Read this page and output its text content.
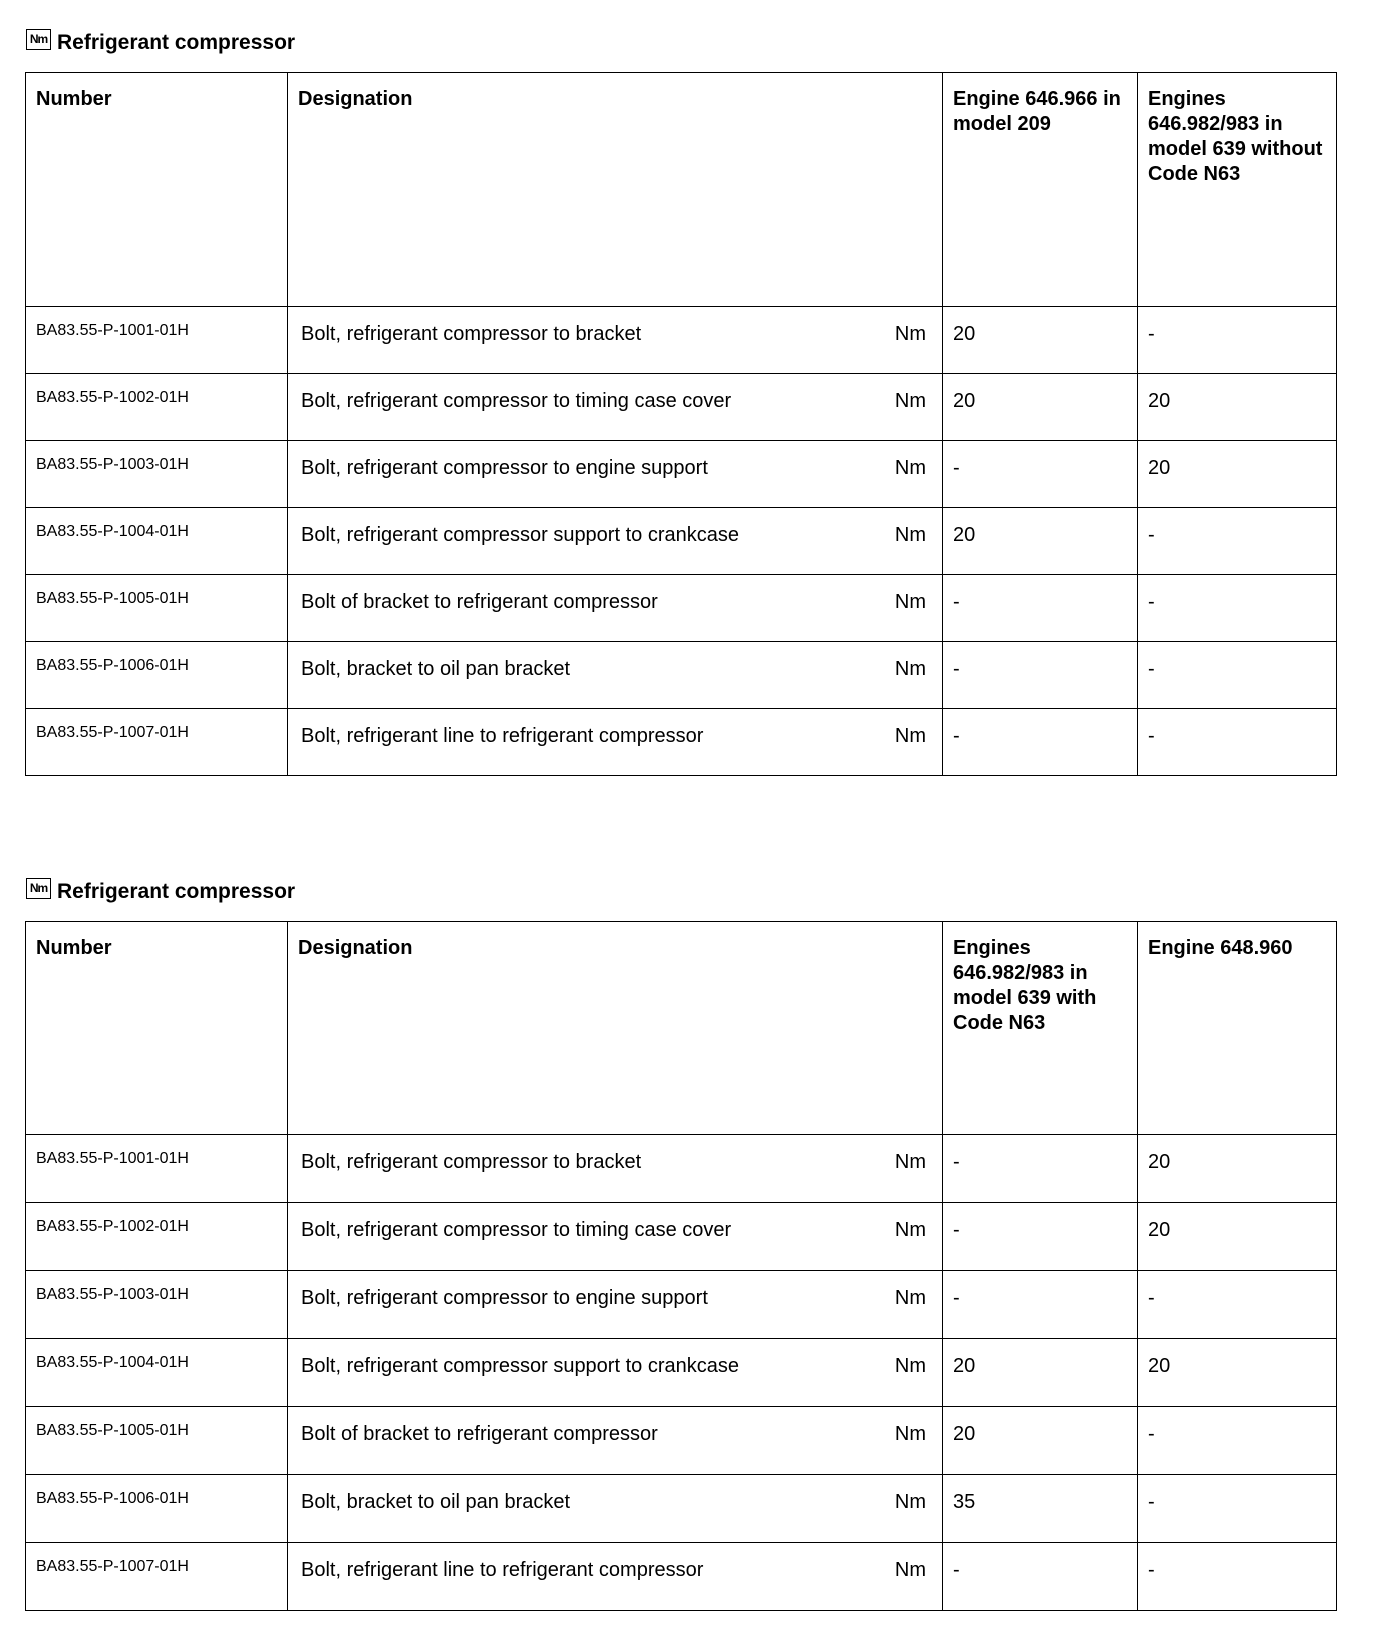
Nm Refrigerant compressor
Number	Designation	Engine 646.966 in model 209	Engines 646.982/983 in model 639 without Code N63

BA83.55-P-1001-01H	Bolt, refrigerant compressor to bracket Nm	20	-

BA83.55-P-1002-01H	Bolt, refrigerant compressor to timing case cover Nm	20	20

BA83.55-P-1003-01H	Bolt, refrigerant compressor to engine support Nm	-	20

BA83.55-P-1004-01H	Bolt, refrigerant compressor support to crankcase Nm	20	-

BA83.55-P-1005-01H	Bolt of bracket to refrigerant compressor Nm	-	-

BA83.55-P-1006-01H	Bolt, bracket to oil pan bracket Nm	-	-

BA83.55-P-1007-01H	Bolt, refrigerant line to refrigerant compressor Nm	-	-
Nm Refrigerant compressor
Number	Designation	Engines 646.982/983 in model 639 with Code N63	Engine 648.960

BA83.55-P-1001-01H	Bolt, refrigerant compressor to bracket Nm	-	20

BA83.55-P-1002-01H	Bolt, refrigerant compressor to timing case cover Nm	-	20

BA83.55-P-1003-01H	Bolt, refrigerant compressor to engine support Nm	-	-

BA83.55-P-1004-01H	Bolt, refrigerant compressor support to crankcase Nm	20	20

BA83.55-P-1005-01H	Bolt of bracket to refrigerant compressor Nm	20	-

BA83.55-P-1006-01H	Bolt, bracket to oil pan bracket Nm	35	-

BA83.55-P-1007-01H	Bolt, refrigerant line to refrigerant compressor Nm	-	-
